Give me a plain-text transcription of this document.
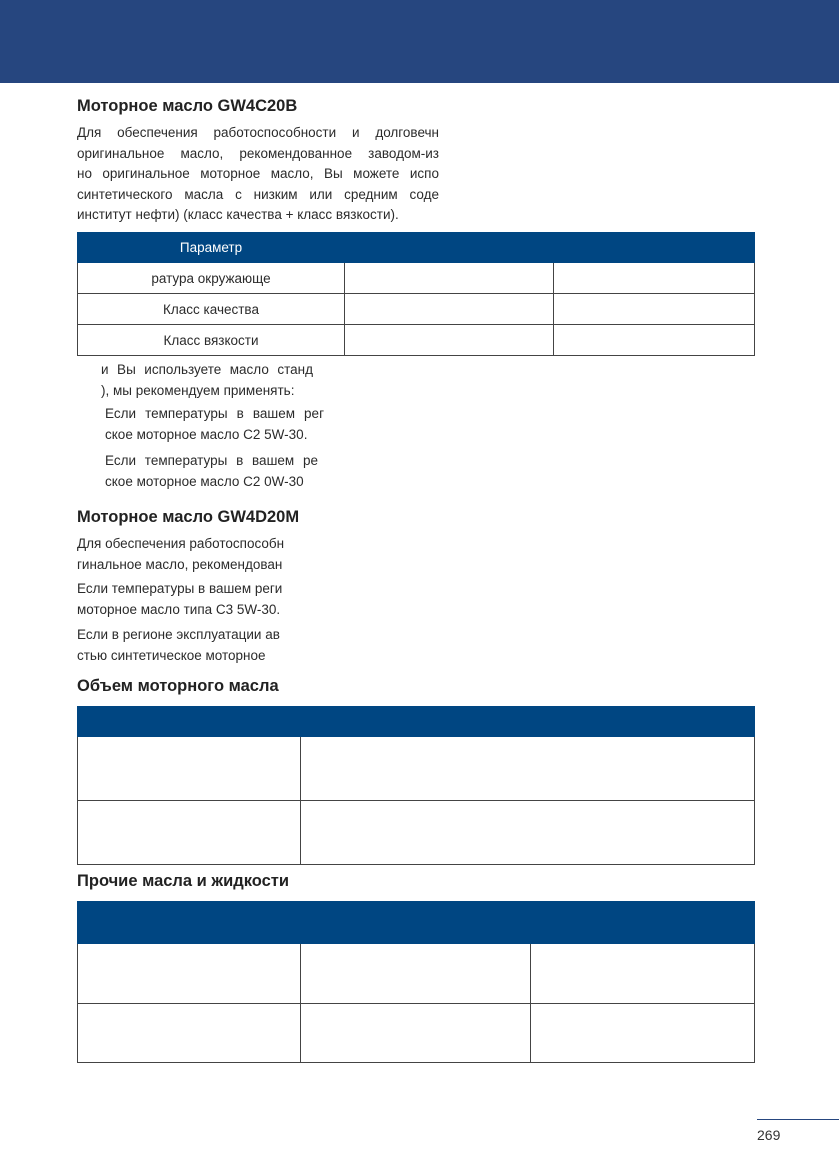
Моторное масло GW4C20B
Для обеспечения работоспособности и долговечн
оригинальное масло, рекомендованное заводом-из
но оригинальное моторное масло, Вы можете испо
синтетического масла с низким или средним соде
институт нефти) (класс качества + класс вязкости).
Параметр		
ратура окружающе		
Класс качества		
Класс вязкости		
и Вы используете масло станд
), мы рекомендуем применять:
Если температуры в вашем рег
ское моторное масло C2 5W-30.
Если температуры в вашем ре
ское моторное масло C2 0W-30
Моторное масло GW4D20M
Для обеспечения работоспособн
гинальное масло, рекомендован
Если температуры в вашем реги
моторное масло типа С3 5W-30.
Если в регионе эксплуатации ав
стью синтетическое моторное
Объем моторного масла

Прочие масла и жидкости

269
